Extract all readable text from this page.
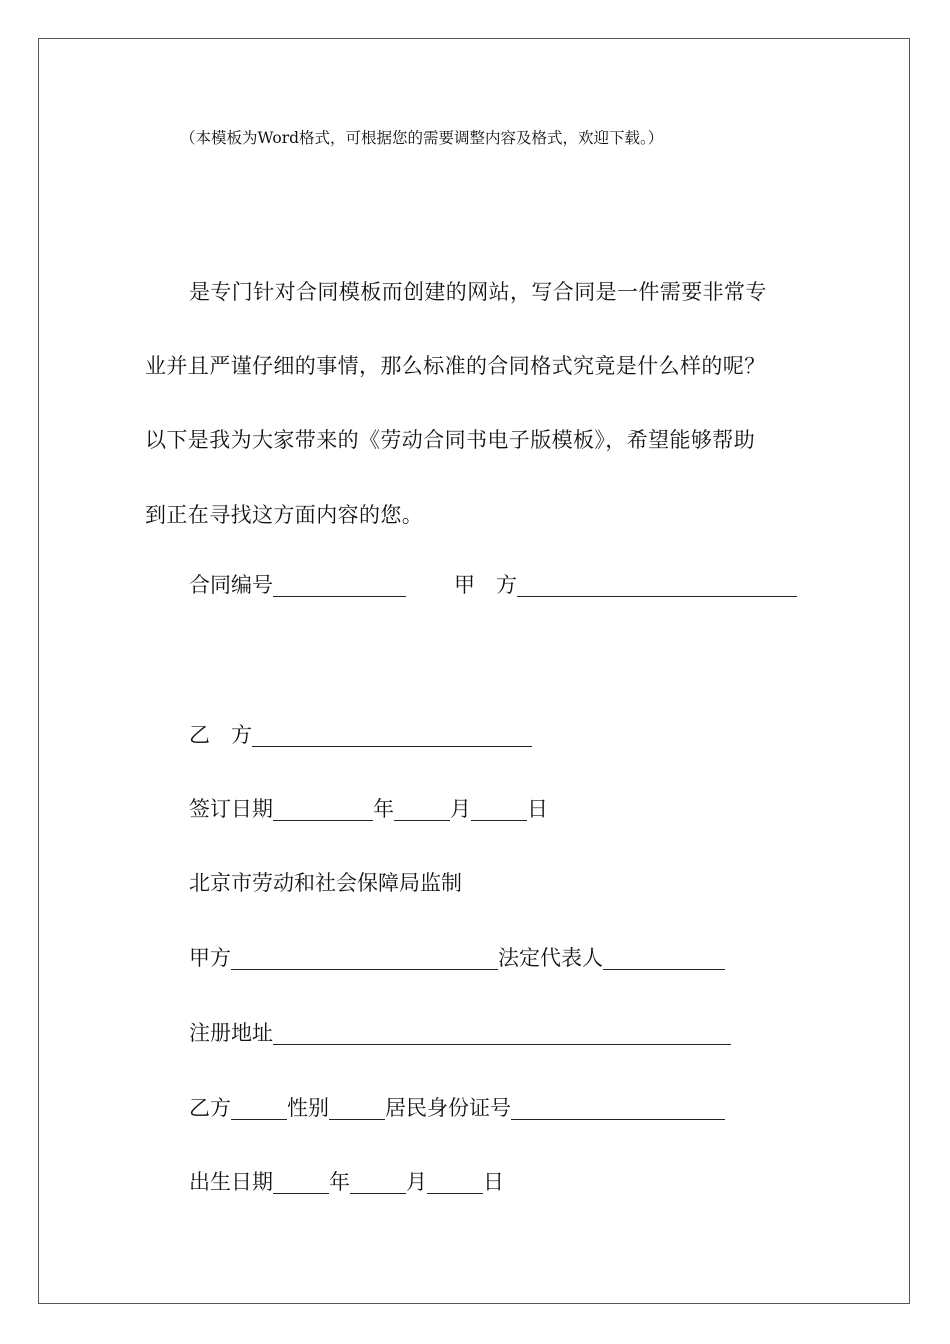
（本模板为Word格式，可根据您的需要调整内容及格式，欢迎下载。）
是专门针对合同模板而创建的网站，写合同是一件需要非常专
业并且严谨仔细的事情，那么标准的合同格式究竟是什么样的呢？
以下是我为大家带来的《劳动合同书电子版模板》，希望能够帮助
到正在寻找这方面内容的您。
合同编号	甲　方
乙　方
签订日期	年	月	日
北京市劳动和社会保障局监制
甲方	法定代表人
注册地址
乙方	性别	居民身份证号
出生日期	年	月	日
